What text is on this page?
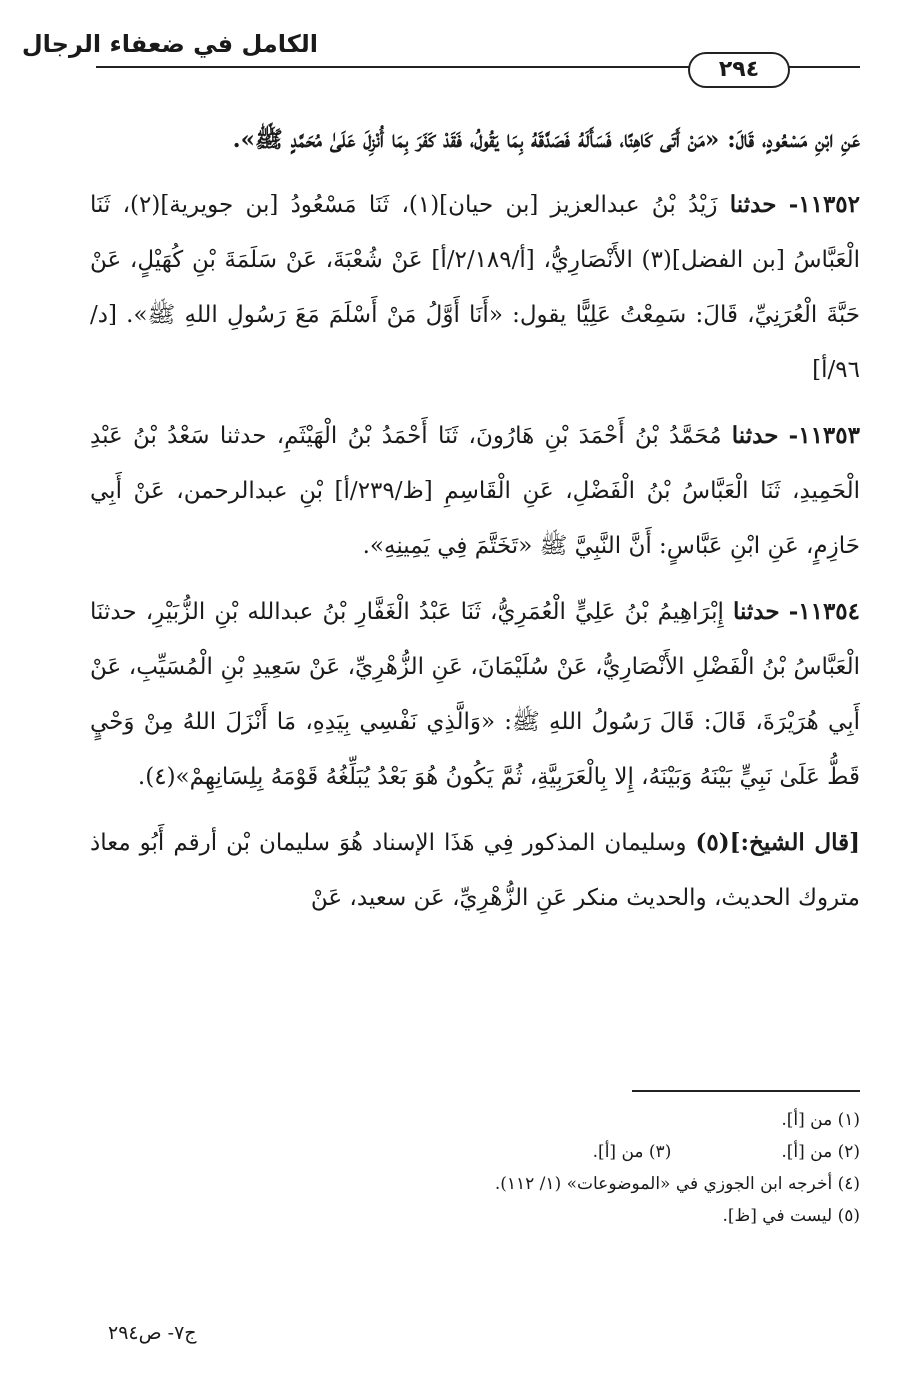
الكامل في ضعفاء الرجال
٢٩٤

عَنِ ابْنِ مَسْعُودٍ، قَالَ: «مَنْ أَتَى كَاهِنًا، فَسَأَلَهُ فَصَدَّقَهُ بِمَا يَقُولُ، فَقَدْ كَفَرَ بِمَا أُنْزِلَ عَلَىٰ مُحَمَّدٍ ﷺ».

١١٣٥٢- حدثنا زَيْدُ بْنُ عبدالعزيز [بن حيان](١)، ثَنَا مَسْعُودُ [بن جويرية](٢)، ثَنَا الْعَبَّاسُ [بن الفضل](٣) الأَنْصَارِيُّ، [أ/٢/١٨٩/أ] عَنْ شُعْبَةَ، عَنْ سَلَمَةَ بْنِ كُهَيْلٍ، عَنْ حَبَّةَ الْعُرَنِيِّ، قَالَ: سَمِعْتُ عَلِيًّا يقول: «أَنَا أَوَّلُ مَنْ أَسْلَمَ مَعَ رَسُولِ اللهِ ﷺ». [د/٩٦/أ]

١١٣٥٣- حدثنا مُحَمَّدُ بْنُ أَحْمَدَ بْنِ هَارُونَ، ثَنَا أَحْمَدُ بْنُ الْهَيْثَمِ، حدثنا سَعْدُ بْنُ عَبْدِ الْحَمِيدِ، ثَنَا الْعَبَّاسُ بْنُ الْفَضْلِ، عَنِ الْقَاسِمِ [ظ/٢٣٩/أ] بْنِ عبدالرحمن، عَنْ أَبِي حَازِمٍ، عَنِ ابْنِ عَبَّاسٍ: أَنَّ النَّبِيَّ ﷺ «تَخَتَّمَ فِي يَمِينِهِ».

١١٣٥٤- حدثنا إِبْرَاهِيمُ بْنُ عَلِيٍّ الْعُمَرِيُّ، ثَنَا عَبْدُ الْغَفَّارِ بْنُ عبدالله بْنِ الزُّبَيْرِ، حدثنَا الْعَبَّاسُ بْنُ الْفَضْلِ الأَنْصَارِيُّ، عَنْ سُلَيْمَانَ، عَنِ الزُّهْرِيِّ، عَنْ سَعِيدِ بْنِ الْمُسَيِّبِ، عَنْ أَبِي هُرَيْرَةَ، قَالَ: قَالَ رَسُولُ اللهِ ﷺ: «وَالَّذِي نَفْسِي بِيَدِهِ، مَا أَنْزَلَ اللهُ مِنْ وَحْيٍ قَطُّ عَلَىٰ نَبِيٍّ بَيْنَهُ وَبَيْنَهُ، إِلا بِالْعَرَبِيَّةِ، ثُمَّ يَكُونُ هُوَ بَعْدُ يُبَلِّغُهُ قَوْمَهُ بِلِسَانِهِمْ»(٤).

[قال الشيخ:](٥) وسليمان المذكور فِي هَذَا الإسناد هُوَ سليمان بْن أرقم أَبُو معاذ متروك الحديث، والحديث منكر عَنِ الزُّهْرِيِّ، عَن سعيد، عَنْ

(١) من [أ].
(٢) من [أ].
(٣) من [أ].
(٤) أخرجه ابن الجوزي في «الموضوعات» (١/ ١١٢).
(٥) ليست في [ظ].
ج٧- ص٢٩٤
